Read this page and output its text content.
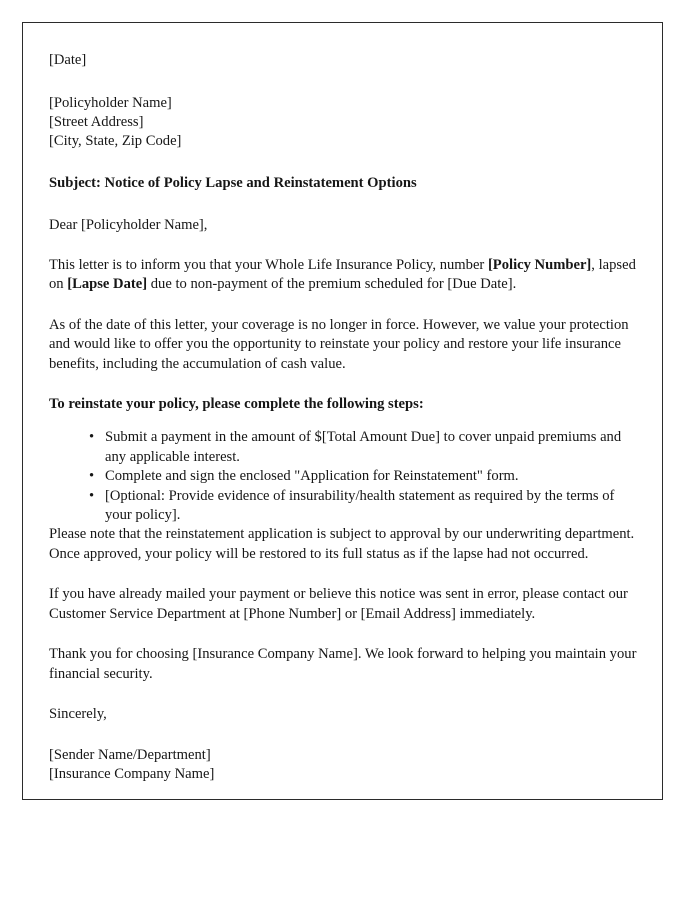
[Date]

[Policyholder Name]

[Street Address]

[City, State, Zip Code]

Subject: Notice of Policy Lapse and Reinstatement Options

Dear [Policyholder Name],

This letter is to inform you that your Whole Life Insurance Policy, number [Policy Number], lapsed on [Lapse Date] due to non-payment of the premium scheduled for [Due Date].

As of the date of this letter, your coverage is no longer in force. However, we value your protection and would like to offer you the opportunity to reinstate your policy and restore your life insurance benefits, including the accumulation of cash value.

To reinstate your policy, please complete the following steps:

• Submit a payment in the amount of $[Total Amount Due] to cover unpaid premiums and any applicable interest.
• Complete and sign the enclosed "Application for Reinstatement" form.
• [Optional: Provide evidence of insurability/health statement as required by the terms of your policy].

Please note that the reinstatement application is subject to approval by our underwriting department. Once approved, your policy will be restored to its full status as if the lapse had not occurred.

If you have already mailed your payment or believe this notice was sent in error, please contact our Customer Service Department at [Phone Number] or [Email Address] immediately.

Thank you for choosing [Insurance Company Name]. We look forward to helping you maintain your financial security.

Sincerely,

[Sender Name/Department]

[Insurance Company Name]
